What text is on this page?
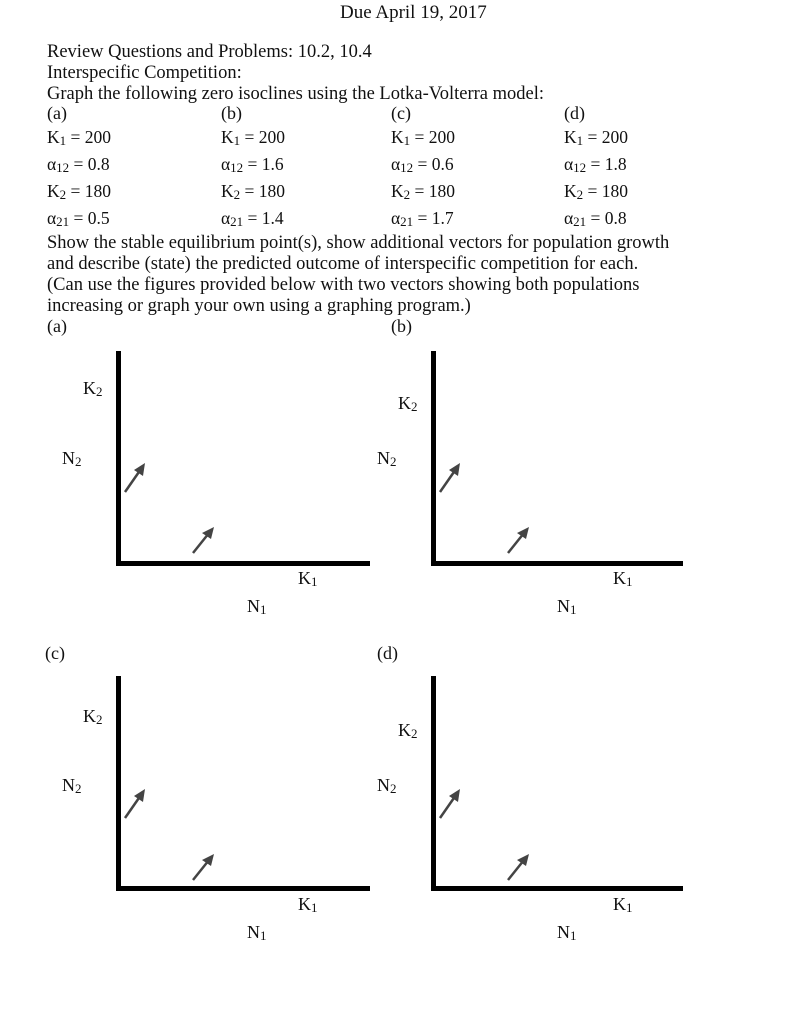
Due April 19, 2017
Review Questions and Problems: 10.2, 10.4
Interspecific Competition:
Graph the following zero isoclines using the Lotka-Volterra model:
(a)
K1 = 200
α12 = 0.8
K2 = 180
α21 = 0.5
(b)
K1 = 200
α12 = 1.6
K2 = 180
α21 = 1.4
(c)
K1 = 200
α12 = 0.6
K2 = 180
α21 = 1.7
(d)
K1 = 200
α12 = 1.8
K2 = 180
α21 = 0.8
Show the stable equilibrium point(s), show additional vectors for population growth
and describe (state) the predicted outcome of interspecific competition for each.
(Can use the figures provided below with two vectors showing both populations
increasing or graph your own using a graphing program.)
(a)	(b)
(c)	(d)
K2
N2
K1
N1
K2
N2
K1
N1
K2
N2
K1
N1
K2
N2
K1
N1
